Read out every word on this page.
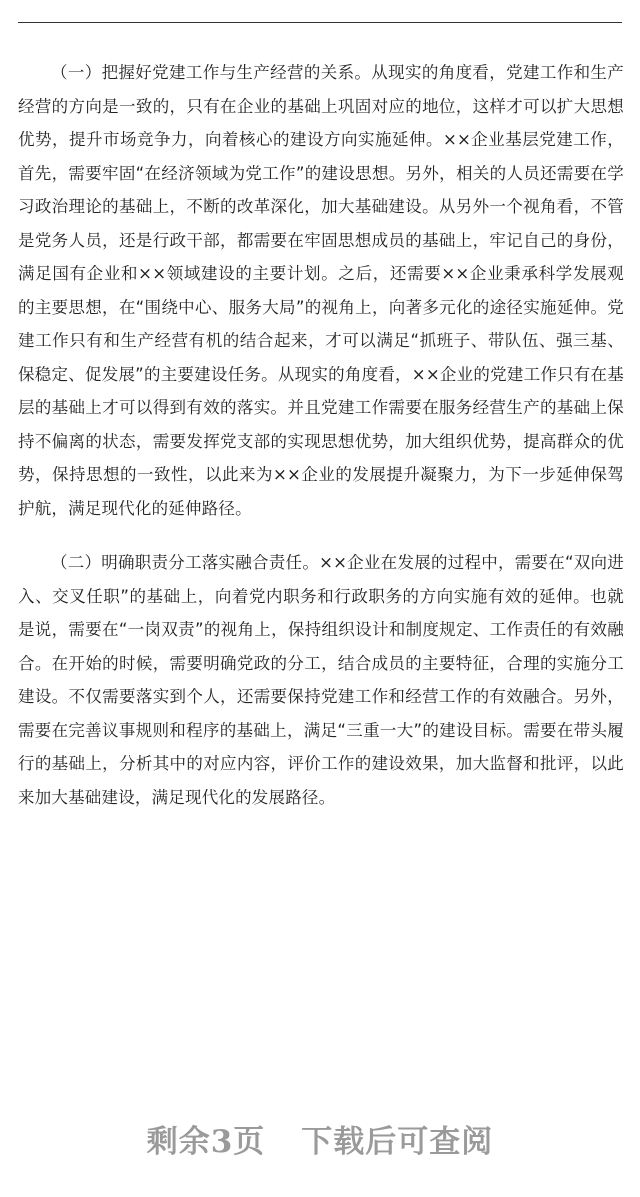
（一）把握好党建工作与生产经营的关系。从现实的角度看，党建工作和生产经营的方向是一致的，只有在企业的基础上巩固对应的地位，这样才可以扩大思想优势，提升市场竞争力，向着核心的建设方向实施延伸。××企业基层党建工作，首先，需要牢固“在经济领域为党工作”的建设思想。另外，相关的人员还需要在学习政治理论的基础上，不断的改革深化，加大基础建设。从另外一个视角看，不管是党务人员，还是行政干部，都需要在牢固思想成员的基础上，牢记自己的身份，满足国有企业和××领域建设的主要计划。之后，还需要××企业秉承科学发展观的主要思想，在“围绕中心、服务大局”的视角上，向著多元化的途径实施延伸。党建工作只有和生产经营有机的结合起来，才可以满足“抓班子、带队伍、强三基、保稳定、促发展”的主要建设任务。从现实的角度看，××企业的党建工作只有在基层的基础上才可以得到有效的落实。并且党建工作需要在服务经营生产的基础上保持不偏离的状态，需要发挥党支部的实现思想优势，加大组织优势，提高群众的优势，保持思想的一致性，以此来为××企业的发展提升凝聚力，为下一步延伸保驾护航，满足现代化的延伸路径。

（二）明确职责分工落实融合责任。××企业在发展的过程中，需要在“双向进入、交叉任职”的基础上，向着党内职务和行政职务的方向实施有效的延伸。也就是说，需要在“一岗双责”的视角上，保持组织设计和制度规定、工作责任的有效融合。在开始的时候，需要明确党政的分工，结合成员的主要特征，合理的实施分工建设。不仅需要落实到个人，还需要保持党建工作和经营工作的有效融合。另外，需要在完善议事规则和程序的基础上，满足“三重一大”的建设目标。需要在带头履行的基础上，分析其中的对应内容，评价工作的建设效果，加大监督和批评，以此来加大基础建设，满足现代化的发展路径。

剩余3页 下载后可查阅
